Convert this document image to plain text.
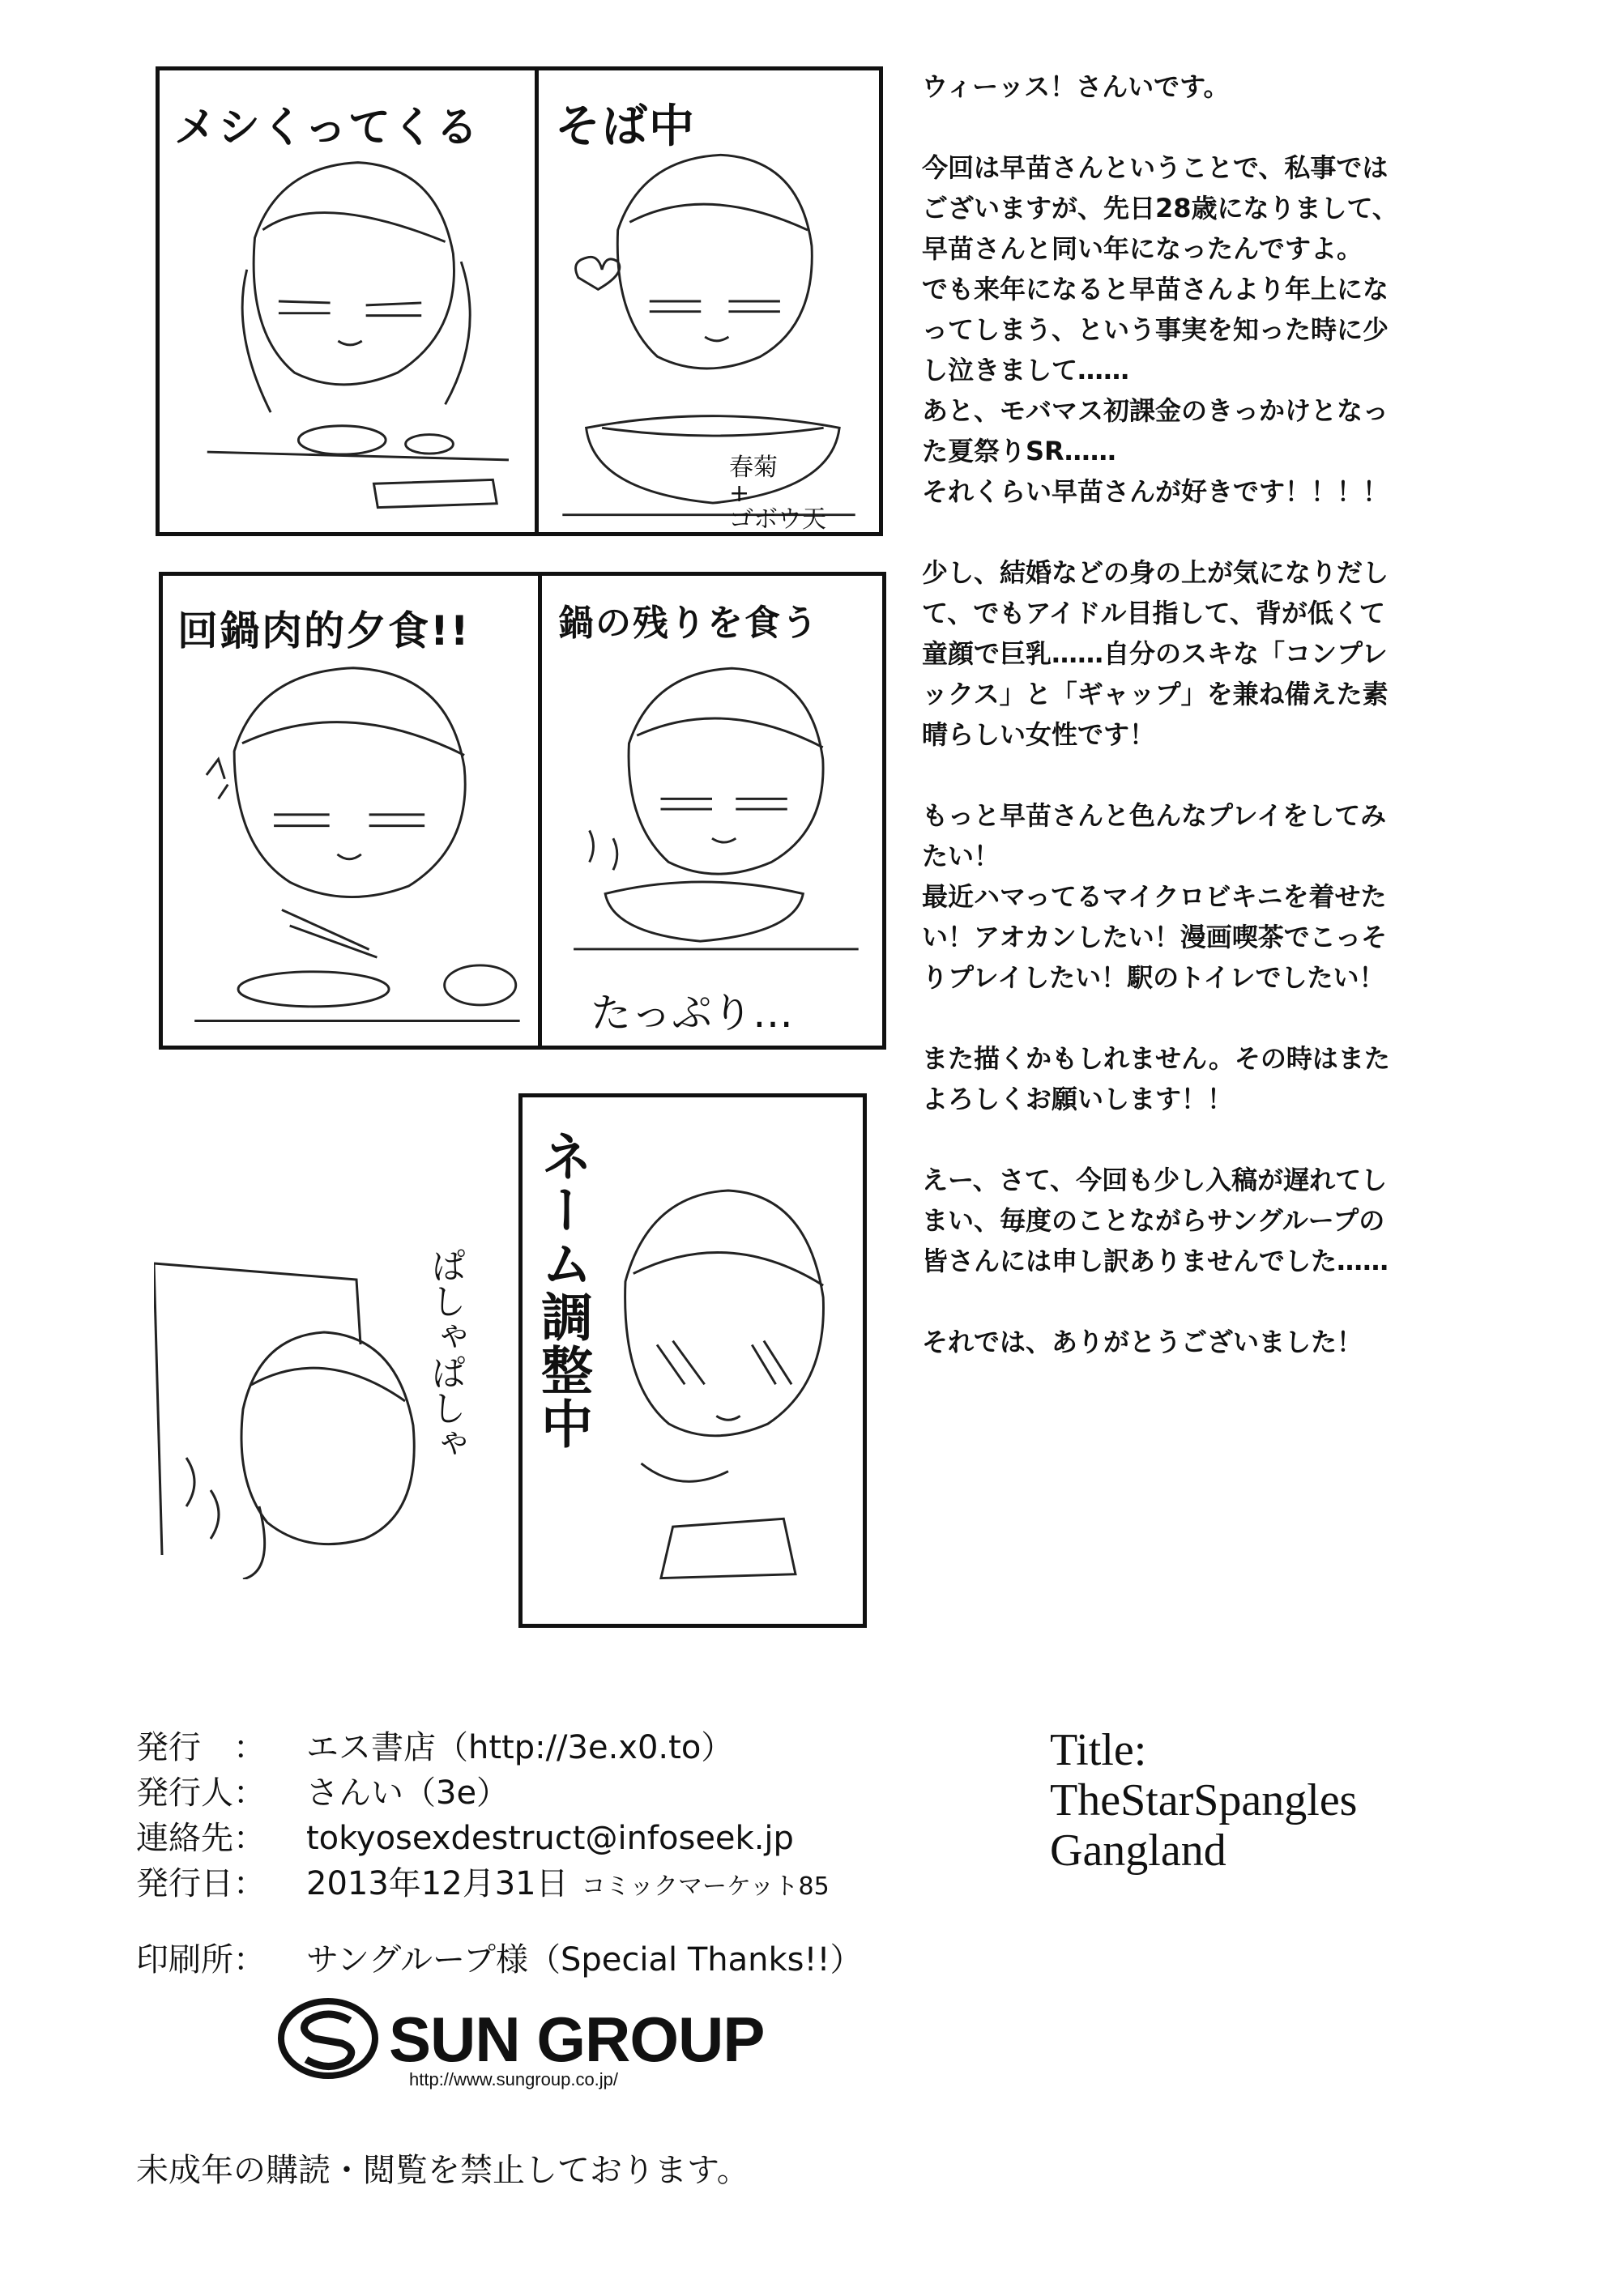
メシくってくる そば中
春菊
+
ゴボウ天
回鍋肉的夕食!! 鍋の残りを食う
たっぷり…
ネーム調整中
ぱしゃぱしゃ

ウィーッス！さんいです。

今回は早苗さんということで、私事では
ございますが、先日28歳になりまして、
早苗さんと同い年になったんですよ。
でも来年になると早苗さんより年上にな
ってしまう、という事実を知った時に少
し泣きまして……
あと、モバマス初課金のきっかけとなっ
た夏祭りSR……
それくらい早苗さんが好きです！！！！

少し、結婚などの身の上が気になりだし
て、でもアイドル目指して、背が低くて
童顔で巨乳……自分のスキな「コンプレ
ックス」と「ギャップ」を兼ね備えた素
晴らしい女性です！

もっと早苗さんと色んなプレイをしてみ
たい！
最近ハマってるマイクロビキニを着せた
い！アオカンしたい！漫画喫茶でこっそ
りプレイしたい！駅のトイレでしたい！

また描くかもしれません。その時はまた
よろしくお願いします！！

えー、さて、今回も少し入稿が遅れてし
まい、毎度のことながらサングループの
皆さんには申し訳ありませんでした……

それでは、ありがとうございました！

発行　： エス書店（http://3e.x0.to）
発行人： さんい（3e）
連絡先： tokyosexdestruct@infoseek.jp
発行日： 2013年12月31日 コミックマーケット85
印刷所： サングループ様（Special Thanks!!）
Title:
TheStarSpangles
Gangland
SUN GROUP
http://www.sungroup.co.jp/
未成年の購読・閲覧を禁止しております。
